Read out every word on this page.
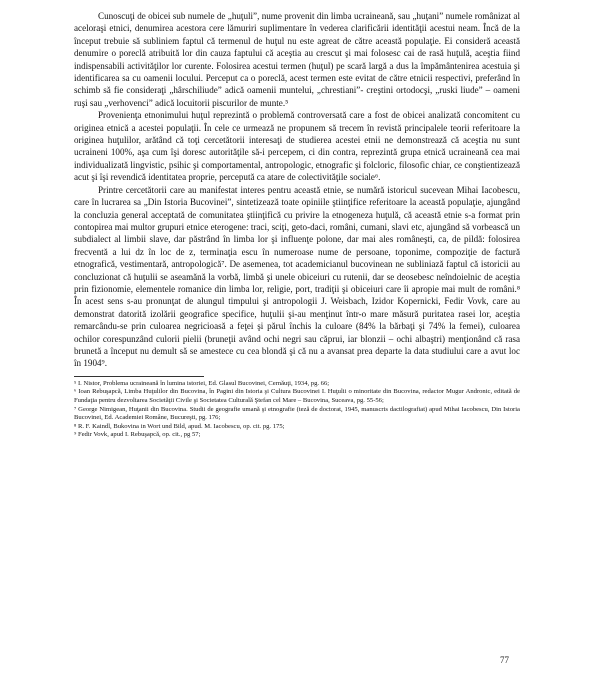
Cunoscuţi de obicei sub numele de „huţuli”, nume provenit din limba ucraineană, sau „huţani” numele românizat al aceloraşi etnici, denumirea acestora cere lămuriri suplimentare în vederea clarificării identităţii acestui neam. Încă de la început trebuie să subliniem faptul că termenul de huţul nu este agreat de către această populaţie. Ei consideră această denumire o poreclă atribuită lor din cauza faptului că aceştia au crescut şi mai folosesc cai de rasă huţulă, aceştia fiind indispensabili activităţilor lor curente. Folosirea acestui termen (huţul) pe scară largă a dus la împământenirea acestuia şi identificarea sa cu oamenii locului. Perceput ca o poreclă, acest termen este evitat de către etnicii respectivi, preferând în schimb să fie consideraţi „hârschiliude” adică oamenii muntelui, „chrestiani”- creştini ortodocşi, „ruski liude” – oameni ruşi sau „verhovenci” adică locuitorii piscurilor de munte.⁵

Provenienţa etnonimului huţul reprezintă o problemă controversată care a fost de obicei analizată concomitent cu originea etnică a acestei populaţii. În cele ce urmează ne propunem să trecem în revistă principalele teorii referitoare la originea huţulilor, arătând că toţi cercetătorii interesaţi de studierea acestei etnii ne demonstrează că aceştia nu sunt ucraineni 100%, aşa cum îşi doresc autorităţile să-i percepem, ci din contra, reprezintă grupa etnică ucraineană cea mai individualizată lingvistic, psihic şi comportamental, antropologic, etnografic şi folcloric, filosofic chiar, ce conştientizează acut şi îşi revendică identitatea proprie, percepută ca atare de colectivităţile sociale⁶.

Printre cercetătorii care au manifestat interes pentru această etnie, se numără istoricul sucevean Mihai Iacobescu, care în lucrarea sa „Din Istoria Bucovinei”, sintetizează toate opiniile ştiinţifice referitoare la această populaţie, ajungând la concluzia general acceptată de comunitatea ştiinţifică cu privire la etnogeneza huţulă, că această etnie s-a format prin contopirea mai multor grupuri etnice eterogene: traci, sciţi, geto-daci, români, cumani, slavi etc, ajungând să vorbească un subdialect al limbii slave, dar păstrând în limba lor şi influenţe polone, dar mai ales româneşti, ca, de pildă: folosirea frecventă a lui dz în loc de z, terminaţia escu în numeroase nume de persoane, toponime, compoziţie de factură etnografică, vestimentară, antropologică⁷. De asemenea, tot academicianul bucovinean ne subliniază faptul că istoricii au concluzionat că huţulii se aseamănă la vorbă, limbă şi unele obiceiuri cu rutenii, dar se deosebesc neîndoielnic de aceştia prin fizionomie, elementele romanice din limba lor, religie, port, tradiţii şi obiceiuri care îi apropie mai mult de români.⁸ În acest sens s-au pronunţat de alungul timpului şi antropologii J. Weisbach, Izidor Kopernicki, Fedir Vovk, care au demonstrat datorită izolării geografice specifice, huţulii şi-au menţinut într-o mare măsură puritatea rasei lor, aceştia remarcându-se prin culoarea negricioasă a feţei şi părul închis la culoare (84% la bărbaţi şi 74% la femei), culoarea ochilor corespunzând culorii pielii (bruneţii având ochi negri sau căprui, iar blonzii – ochi albaştri) menţionând că rasa brunetă a început nu demult să se amestece cu cea blondă şi că nu a avansat prea departe la data studiului care a avut loc în 1904⁹.

⁵ I. Nistor, Problema ucraineană în lumina istoriei, Ed. Glasul Bucovinei, Cernăuţi, 1934, pg. 66;

⁶ Ioan Rebuşapcă, Limba Huţulilor din Bucovina, în Pagini din Istoria şi Cultura Bucovinei I. Huţulii o minoritate din Bucovina, redactor Mugur Andronic, editată de Fundaţia pentru dezvoltarea Societăţii Civile şi Societatea Culturală Ştefan cel Mare – Bucovina, Suceava, pg. 55-56;

⁷ George Nimigean, Huţanii din Bucovina. Studii de geografie umană şi etnografie (teză de doctorat, 1945, manuscris dactilografiat) apud Mihai Iacobescu, Din Istoria Bucovinei, Ed. Academiei Române, Bucureşti, pg. 176;

⁸ R. F. Kaindl, Bukovina in Wort und Bild, apud. M. Iacobescu, op. cit. pg. 175;

⁹ Fedir Vovk, apud I. Rebuşapcă, op. cit., pg 57;

77
